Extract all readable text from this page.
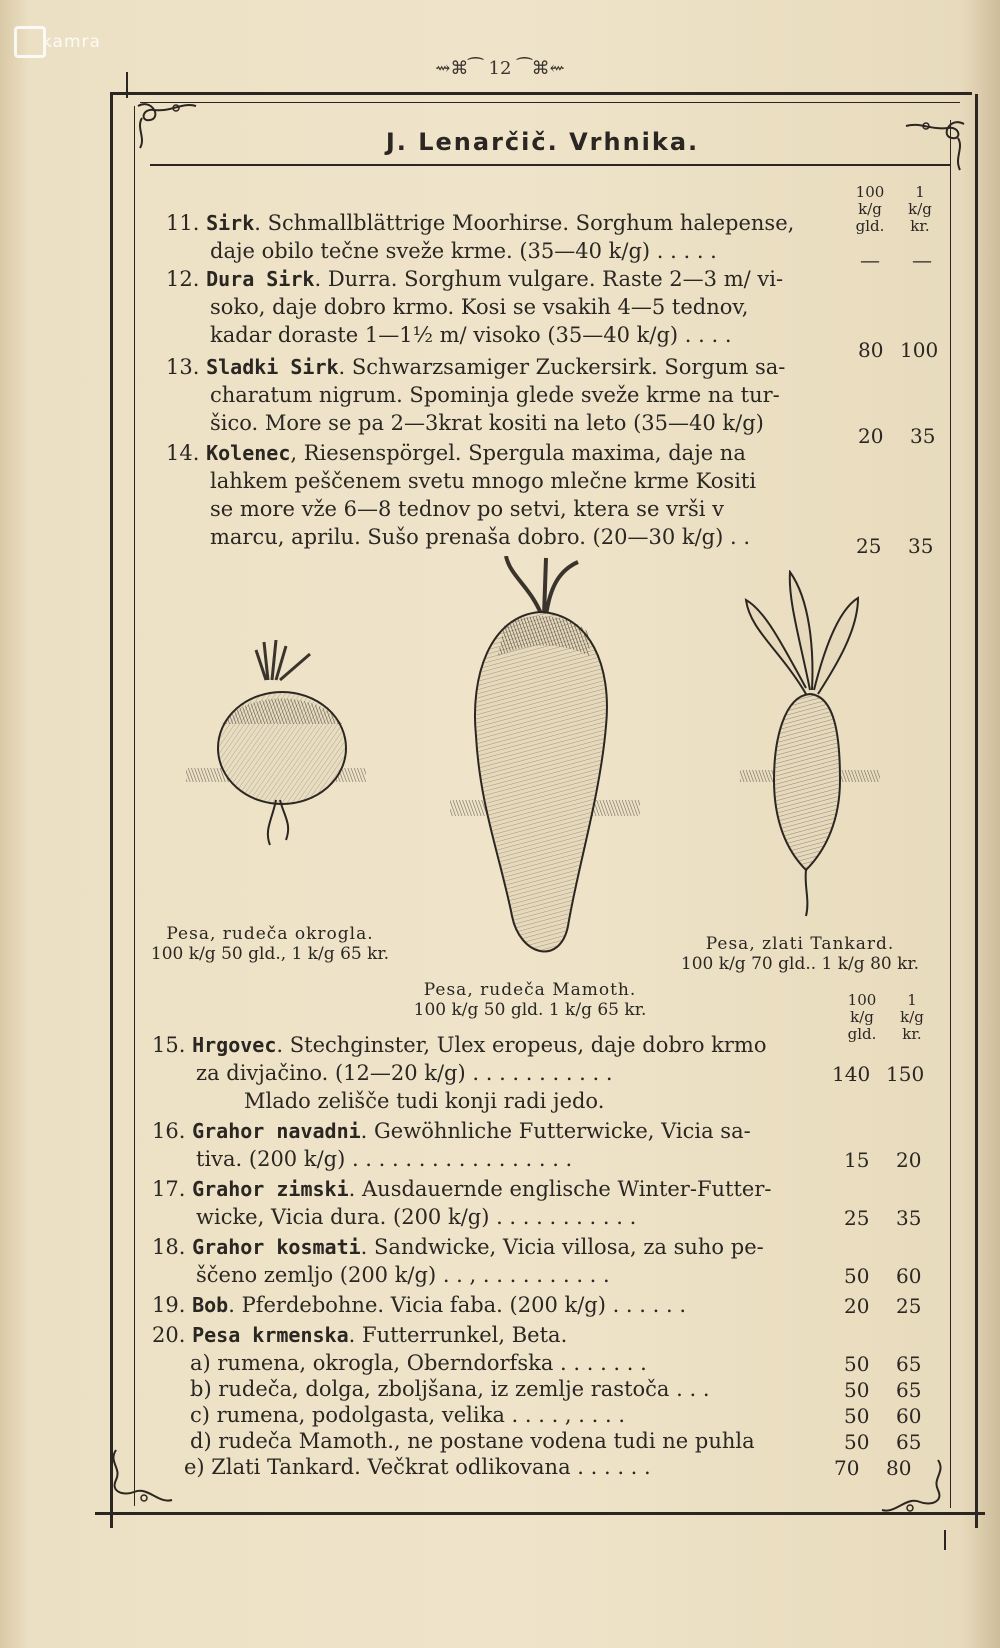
kamra
⇝⌘⁀ 12 ⁀⌘⇜
J. Lenarčič. Vrhnika.
100
k/g
gld.
1
k/g
kr.
11. Sirk. Schmallblättrige Moorhirse. Sorghum halepense,
daje obilo tečne sveže krme. (35—40 k/g) . . . . .	— —
12. Dura Sirk. Durra. Sorghum vulgare. Raste 2—3 m/ vi-
soko, daje dobro krmo. Kosi se vsakih 4—5 tednov,
kadar doraste 1—1½ m/ visoko (35—40 k/g) . . . .
80 100
13. Sladki Sirk. Schwarzsamiger Zuckersirk. Sorgum sa-
charatum nigrum. Spominja glede sveže krme na tur-
šico. More se pa 2—3krat kositi na leto (35—40 k/g)
20 35
14. Kolenec, Riesenspörgel. Spergula maxima, daje na
lahkem peščenem svetu mnogo mlečne krme Kositi
se more vže 6—8 tednov po setvi, ktera se vrši v
marcu, aprilu. Sušo prenaša dobro. (20—30 k/g) . .	25 35
Pesa, rudeča okrogla.
100 k/g 50 gld., 1 k/g 65 kr.
Pesa, rudeča Mamoth.
100 k/g 50 gld. 1 k/g 65 kr.
Pesa, zlati Tankard.
100 k/g 70 gld.. 1 k/g 80 kr.
100
k/g
gld.
1
k/g
kr.
15. Hrgovec. Stechginster, Ulex eropeus, daje dobro krmo
za divjačino. (12—20 k/g) . . . . . . . . . . .	140 150
Mlado zelišče tudi konji radi jedo.
16. Grahor navadni. Gewöhnliche Futterwicke, Vicia sa-
tiva. (200 k/g) . . . . . . . . . . . . . . . . .	15 20
17. Grahor zimski. Ausdauernde englische Winter-Futter-
wicke, Vicia dura. (200 k/g) . . . . . . . . . . .	25 35
18. Grahor kosmati. Sandwicke, Vicia villosa, za suho pe-
ščeno zemljo (200 k/g) . . , . . . . . . . . . .	50 60
19. Bob. Pferdebohne. Vicia faba. (200 k/g) . . . . . .	20 25
20. Pesa krmenska. Futterrunkel, Beta.
a) rumena, okrogla, Oberndorfska . . . . . . .	50 65
b) rudeča, dolga, zboljšana, iz zemlje rastoča . . .	50 65
c) rumena, podolgasta, velika . . . . , . . . .	50 60
d) rudeča Mamoth., ne postane vodena tudi ne puhla	50 65
e) Zlati Tankard. Večkrat odlikovana . . . . . .	70 80
